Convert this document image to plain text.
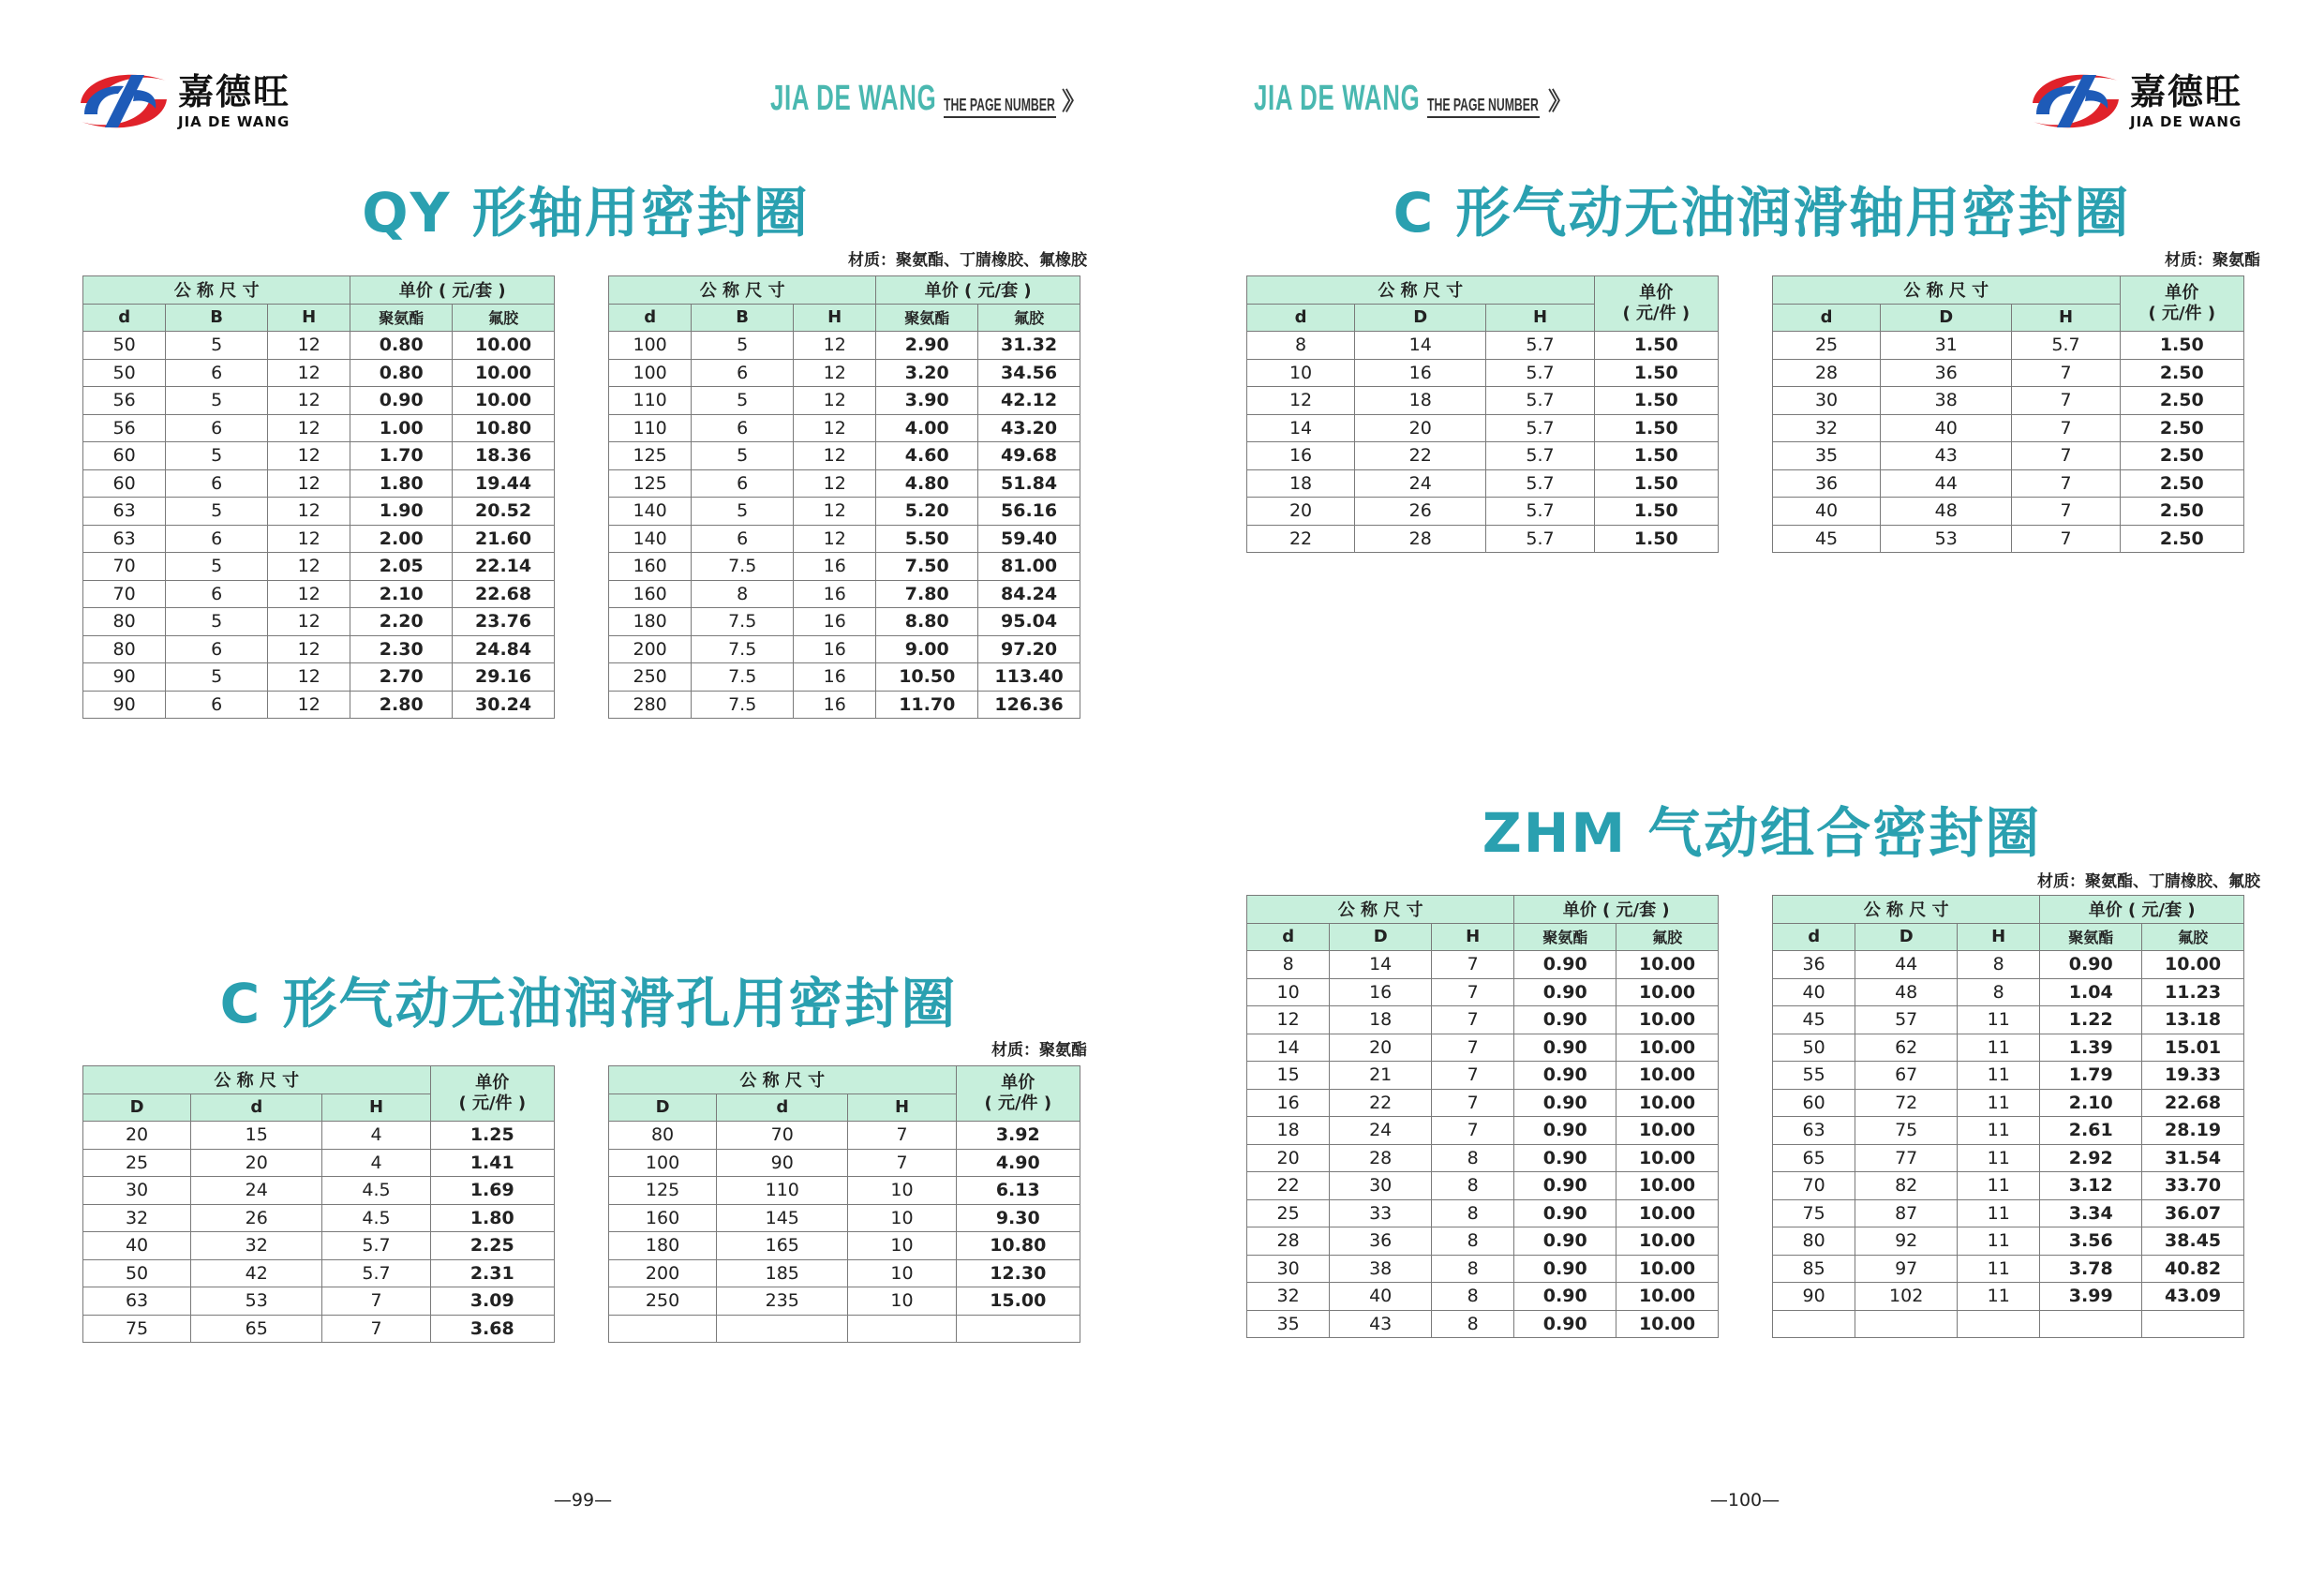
嘉德旺
JIA DE WANG
嘉德旺
JIA DE WANG
JIA DE WANG THE PAGE NUMBER 》	JIA DE WANG THE PAGE NUMBER 》
QY 形轴用密封圈
材质：聚氨酯、丁腈橡胶、氟橡胶
C 形气动无油润滑孔用密封圈
材质：聚氨酯
C 形气动无油润滑轴用密封圈
材质：聚氨酯
ZHM 气动组合密封圈
材质：聚氨酯、丁腈橡胶、氟胶
公 称 尺 寸			单价 ( 元/套 )	
d	B	H	聚氨酯	氟胶
50	5	12	0.80	10.00
50	6	12	0.80	10.00
56	5	12	0.90	10.00
56	6	12	1.00	10.80
60	5	12	1.70	18.36
60	6	12	1.80	19.44
63	5	12	1.90	20.52
63	6	12	2.00	21.60
70	5	12	2.05	22.14
70	6	12	2.10	22.68
80	5	12	2.20	23.76
80	6	12	2.30	24.84
90	5	12	2.70	29.16
90	6	12	2.80	30.24
公 称 尺 寸			单价 ( 元/套 )	
d	B	H	聚氨酯	氟胶
100	5	12	2.90	31.32
100	6	12	3.20	34.56
110	5	12	3.90	42.12
110	6	12	4.00	43.20
125	5	12	4.60	49.68
125	6	12	4.80	51.84
140	5	12	5.20	56.16
140	6	12	5.50	59.40
160	7.5	16	7.50	81.00
160	8	16	7.80	84.24
180	7.5	16	8.80	95.04
200	7.5	16	9.00	97.20
250	7.5	16	10.50	113.40
280	7.5	16	11.70	126.36
公 称 尺 寸			单价
( 元/件 )

D	d	H	
20	15	4	1.25
25	20	4	1.41
30	24	4.5	1.69
32	26	4.5	1.80
40	32	5.7	2.25
50	42	5.7	2.31
63	53	7	3.09
75	65	7	3.68
公 称 尺 寸			单价
( 元/件 )

D	d	H	
80	70	7	3.92
100	90	7	4.90
125	110	10	6.13
160	145	10	9.30
180	165	10	10.80
200	185	10	12.30
250	235	10	15.00

公 称 尺 寸			单价
( 元/件 )

d	D	H	
8	14	5.7	1.50
10	16	5.7	1.50
12	18	5.7	1.50
14	20	5.7	1.50
16	22	5.7	1.50
18	24	5.7	1.50
20	26	5.7	1.50
22	28	5.7	1.50
公 称 尺 寸			单价
( 元/件 )

d	D	H	
25	31	5.7	1.50
28	36	7	2.50
30	38	7	2.50
32	40	7	2.50
35	43	7	2.50
36	44	7	2.50
40	48	7	2.50
45	53	7	2.50
公 称 尺 寸			单价 ( 元/套 )	
d	D	H	聚氨酯	氟胶
8	14	7	0.90	10.00
10	16	7	0.90	10.00
12	18	7	0.90	10.00
14	20	7	0.90	10.00
15	21	7	0.90	10.00
16	22	7	0.90	10.00
18	24	7	0.90	10.00
20	28	8	0.90	10.00
22	30	8	0.90	10.00
25	33	8	0.90	10.00
28	36	8	0.90	10.00
30	38	8	0.90	10.00
32	40	8	0.90	10.00
35	43	8	0.90	10.00
公 称 尺 寸			单价 ( 元/套 )	
d	D	H	聚氨酯	氟胶
36	44	8	0.90	10.00
40	48	8	1.04	11.23
45	57	11	1.22	13.18
50	62	11	1.39	15.01
55	67	11	1.79	19.33
60	72	11	2.10	22.68
63	75	11	2.61	28.19
65	77	11	2.92	31.54
70	82	11	3.12	33.70
75	87	11	3.34	36.07
80	92	11	3.56	38.45
85	97	11	3.78	40.82
90	102	11	3.99	43.09

—99—	—100—
